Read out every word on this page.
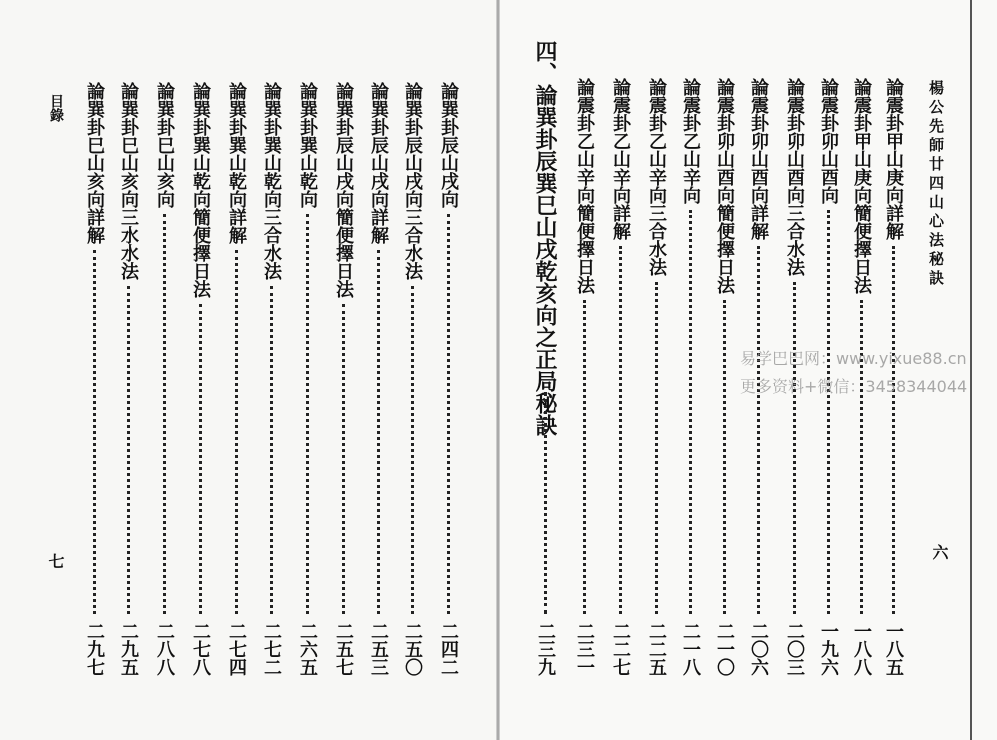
目錄
七
論巽卦辰山戌向
二四二
論巽卦辰山戌向三合水法
二五〇
論巽卦辰山戌向詳解
二五三
論巽卦辰山戌向簡便擇日法
二五七
論巽卦巽山乾向
二六五
論巽卦巽山乾向三合水法
二七二
論巽卦巽山乾向詳解
二七四
論巽卦巽山乾向簡便擇日法
二七八
論巽卦巳山亥向
二八八
論巽卦巳山亥向三水水法
二九五
論巽卦巳山亥向詳解
二九七
楊公先師廿四山心法秘訣
六
論震卦甲山庚向詳解
一八五
論震卦甲山庚向簡便擇日法
一八八
論震卦卯山酉向
一九六
論震卦卯山酉向三合水法
二〇三
論震卦卯山酉向詳解
二〇六
論震卦卯山酉向簡便擇日法
二一〇
論震卦乙山辛向
二一八
論震卦乙山辛向三合水法
二二五
論震卦乙山辛向詳解
二二七
論震卦乙山辛向簡便擇日法
二三一
四、論巽卦辰巽巳山戌乾亥向之正局秘訣
二三九
易学巴巴网：www.yixue88.cn
更多资料+微信：3458344044
